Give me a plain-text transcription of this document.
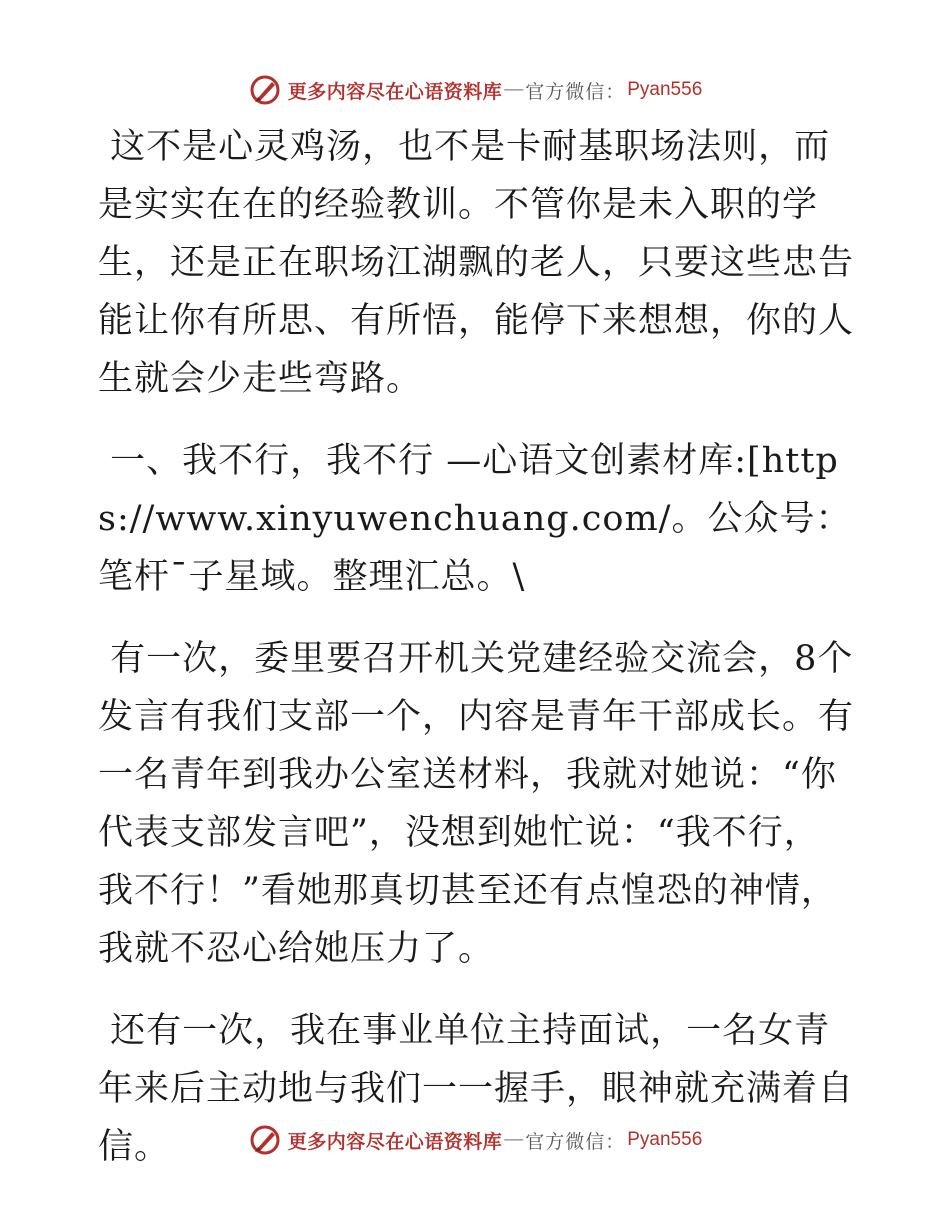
更多内容尽在心语资料库 — 官方微信： Pyan556

这不是心灵鸡汤，也不是卡耐基职场法则，而是实实在在的经验教训。不管你是未入职的学生，还是正在职场江湖飘的老人，只要这些忠告能让你有所思、有所悟，能停下来想想，你的人生就会少走些弯路。

一、我不行，我不行 —心语文创素材库:[https://www.xinyuwenchuang.com/。公众号：笔杆¯子星域。整理汇总。\

有一次，委里要召开机关党建经验交流会，8个发言有我们支部一个，内容是青年干部成长。有一名青年到我办公室送材料，我就对她说：“你代表支部发言吧”，没想到她忙说：“我不行，我不行！”看她那真切甚至还有点惶恐的神情，我就不忍心给她压力了。

还有一次，我在事业单位主持面试，一名女青年来后主动地与我们一一握手，眼神就充满着自信。	更多内容尽在心语资料库 — 官方微信： Pyan556
